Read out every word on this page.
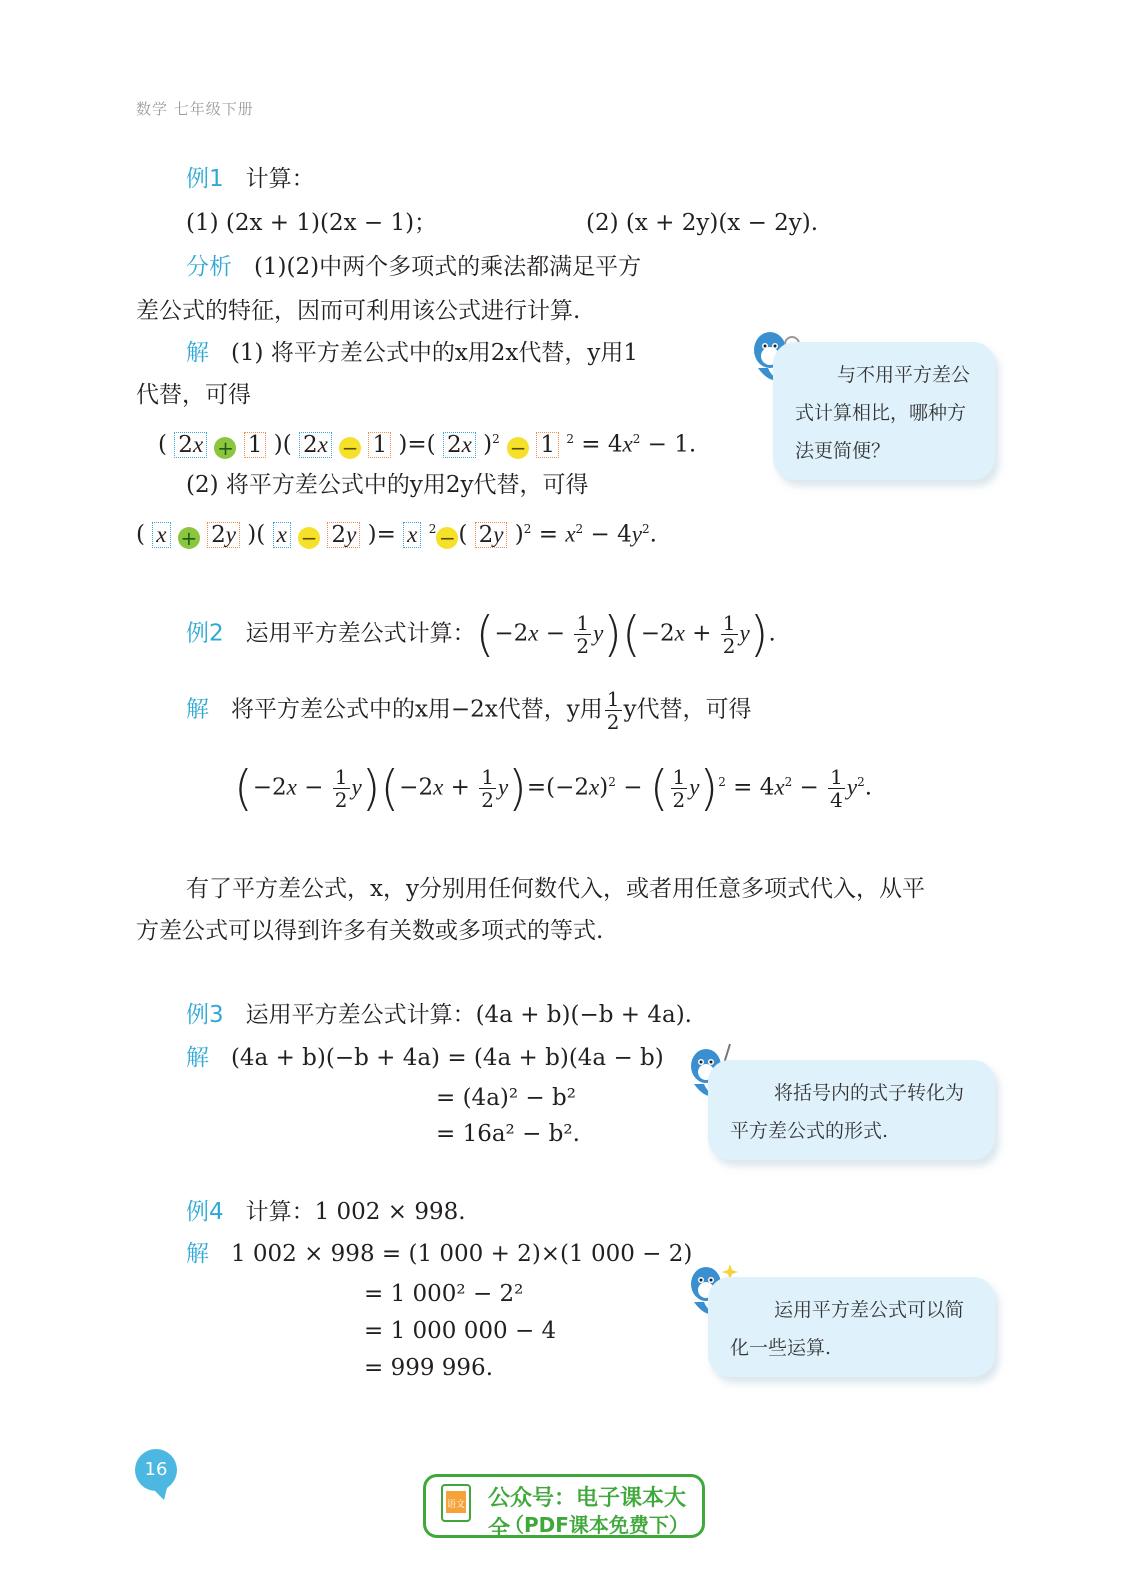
数学 七年级下册
例1 计算：
(1) (2x + 1)(2x − 1)；	(2) (x + 2y)(x − 2y).
分析 (1)(2)中两个多项式的乘法都满足平方
差公式的特征，因而可利用该公式进行计算.
解 (1) 将平方差公式中的x用2x代替，y用1
代替，可得
( 2x + 1 )( 2x − 1 )=( 2x )$^2$ − 1 $^2 = 4x^2 - 1$.
(2) 将平方差公式中的y用2y代替，可得
( x + 2y )( x − 2y )= x $^2$ − ( 2y )$^2 = x^2 - 4y^2$.
与不用平方差公式计算相比，哪种方法更简便？
例2 运用平方差公式计算：$(-2x - \frac{1}{2} y)(-2x + \frac{1}{2} y)$.
解 将平方差公式中的x用−2x代替，y用 $\frac{1}{2}$ y代替，可得
$(-2x - \frac{1}{2} y)(-2x + \frac{1}{2} y)=(-2x)^2$ − ( $\frac{1}{2} y)^2 = 4x^2 - \frac{1}{4} y^2$.
有了平方差公式，x，y分别用任何数代入，或者用任意多项式代入，从平
方差公式可以得到许多有关数或多项式的等式.
例3 运用平方差公式计算：(4a + b)(−b + 4a).
解 (4a + b)(−b + 4a) = (4a + b)(4a − b)
= (4a)² − b²
= 16a² − b².
将括号内的式子转化为平方差公式的形式.
例4 计算：1 002 × 998.
解 1 002 × 998 = (1 000 + 2)×(1 000 − 2)
= 1 000² − 2²
= 1 000 000 − 4
= 999 996.
运用平方差公式可以简化一些运算.
16
语文 公众号：电子课本大全
（PDF课本免费下）
